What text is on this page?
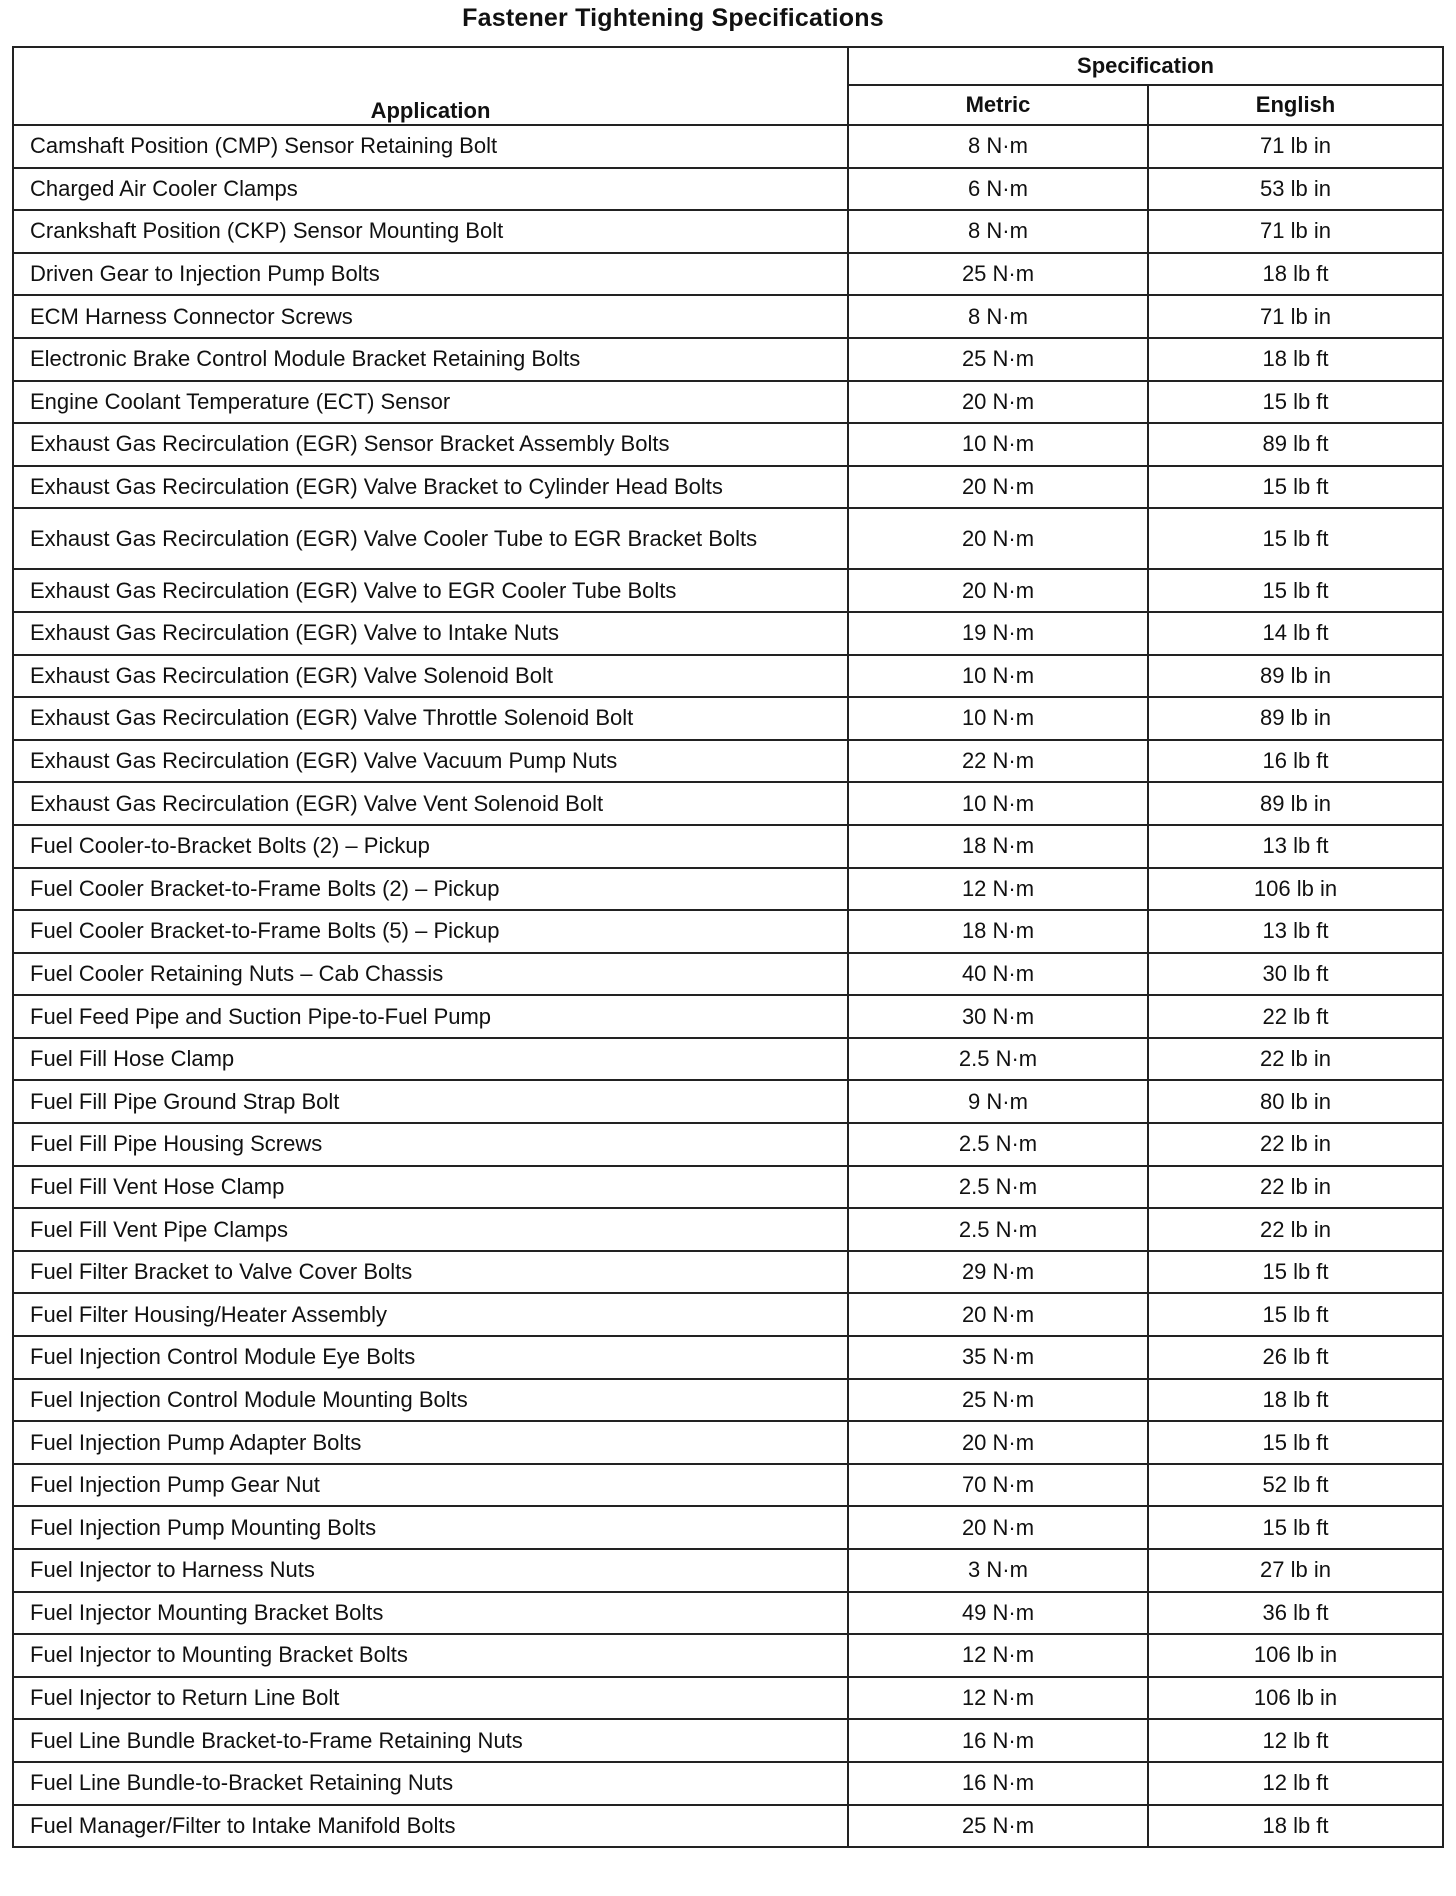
Fastener Tightening Specifications
Application	Specification	
	Metric	English
Camshaft Position (CMP) Sensor Retaining Bolt	8 N·m	71 lb in
Charged Air Cooler Clamps	6 N·m	53 lb in
Crankshaft Position (CKP) Sensor Mounting Bolt	8 N·m	71 lb in
Driven Gear to Injection Pump Bolts	25 N·m	18 lb ft
ECM Harness Connector Screws	8 N·m	71 lb in
Electronic Brake Control Module Bracket Retaining Bolts	25 N·m	18 lb ft
Engine Coolant Temperature (ECT) Sensor	20 N·m	15 lb ft
Exhaust Gas Recirculation (EGR) Sensor Bracket Assembly Bolts	10 N·m	89 lb ft
Exhaust Gas Recirculation (EGR) Valve Bracket to Cylinder Head Bolts	20 N·m	15 lb ft
Exhaust Gas Recirculation (EGR) Valve Cooler Tube to EGR Bracket Bolts	20 N·m	15 lb ft
Exhaust Gas Recirculation (EGR) Valve to EGR Cooler Tube Bolts	20 N·m	15 lb ft
Exhaust Gas Recirculation (EGR) Valve to Intake Nuts	19 N·m	14 lb ft
Exhaust Gas Recirculation (EGR) Valve Solenoid Bolt	10 N·m	89 lb in
Exhaust Gas Recirculation (EGR) Valve Throttle Solenoid Bolt	10 N·m	89 lb in
Exhaust Gas Recirculation (EGR) Valve Vacuum Pump Nuts	22 N·m	16 lb ft
Exhaust Gas Recirculation (EGR) Valve Vent Solenoid Bolt	10 N·m	89 lb in
Fuel Cooler-to-Bracket Bolts (2) – Pickup	18 N·m	13 lb ft
Fuel Cooler Bracket-to-Frame Bolts (2) – Pickup	12 N·m	106 lb in
Fuel Cooler Bracket-to-Frame Bolts (5) – Pickup	18 N·m	13 lb ft
Fuel Cooler Retaining Nuts – Cab Chassis	40 N·m	30 lb ft
Fuel Feed Pipe and Suction Pipe-to-Fuel Pump	30 N·m	22 lb ft
Fuel Fill Hose Clamp	2.5 N·m	22 lb in
Fuel Fill Pipe Ground Strap Bolt	9 N·m	80 lb in
Fuel Fill Pipe Housing Screws	2.5 N·m	22 lb in
Fuel Fill Vent Hose Clamp	2.5 N·m	22 lb in
Fuel Fill Vent Pipe Clamps	2.5 N·m	22 lb in
Fuel Filter Bracket to Valve Cover Bolts	29 N·m	15 lb ft
Fuel Filter Housing/Heater Assembly	20 N·m	15 lb ft
Fuel Injection Control Module Eye Bolts	35 N·m	26 lb ft
Fuel Injection Control Module Mounting Bolts	25 N·m	18 lb ft
Fuel Injection Pump Adapter Bolts	20 N·m	15 lb ft
Fuel Injection Pump Gear Nut	70 N·m	52 lb ft
Fuel Injection Pump Mounting Bolts	20 N·m	15 lb ft
Fuel Injector to Harness Nuts	3 N·m	27 lb in
Fuel Injector Mounting Bracket Bolts	49 N·m	36 lb ft
Fuel Injector to Mounting Bracket Bolts	12 N·m	106 lb in
Fuel Injector to Return Line Bolt	12 N·m	106 lb in
Fuel Line Bundle Bracket-to-Frame Retaining Nuts	16 N·m	12 lb ft
Fuel Line Bundle-to-Bracket Retaining Nuts	16 N·m	12 lb ft
Fuel Manager/Filter to Intake Manifold Bolts	25 N·m	18 lb ft
